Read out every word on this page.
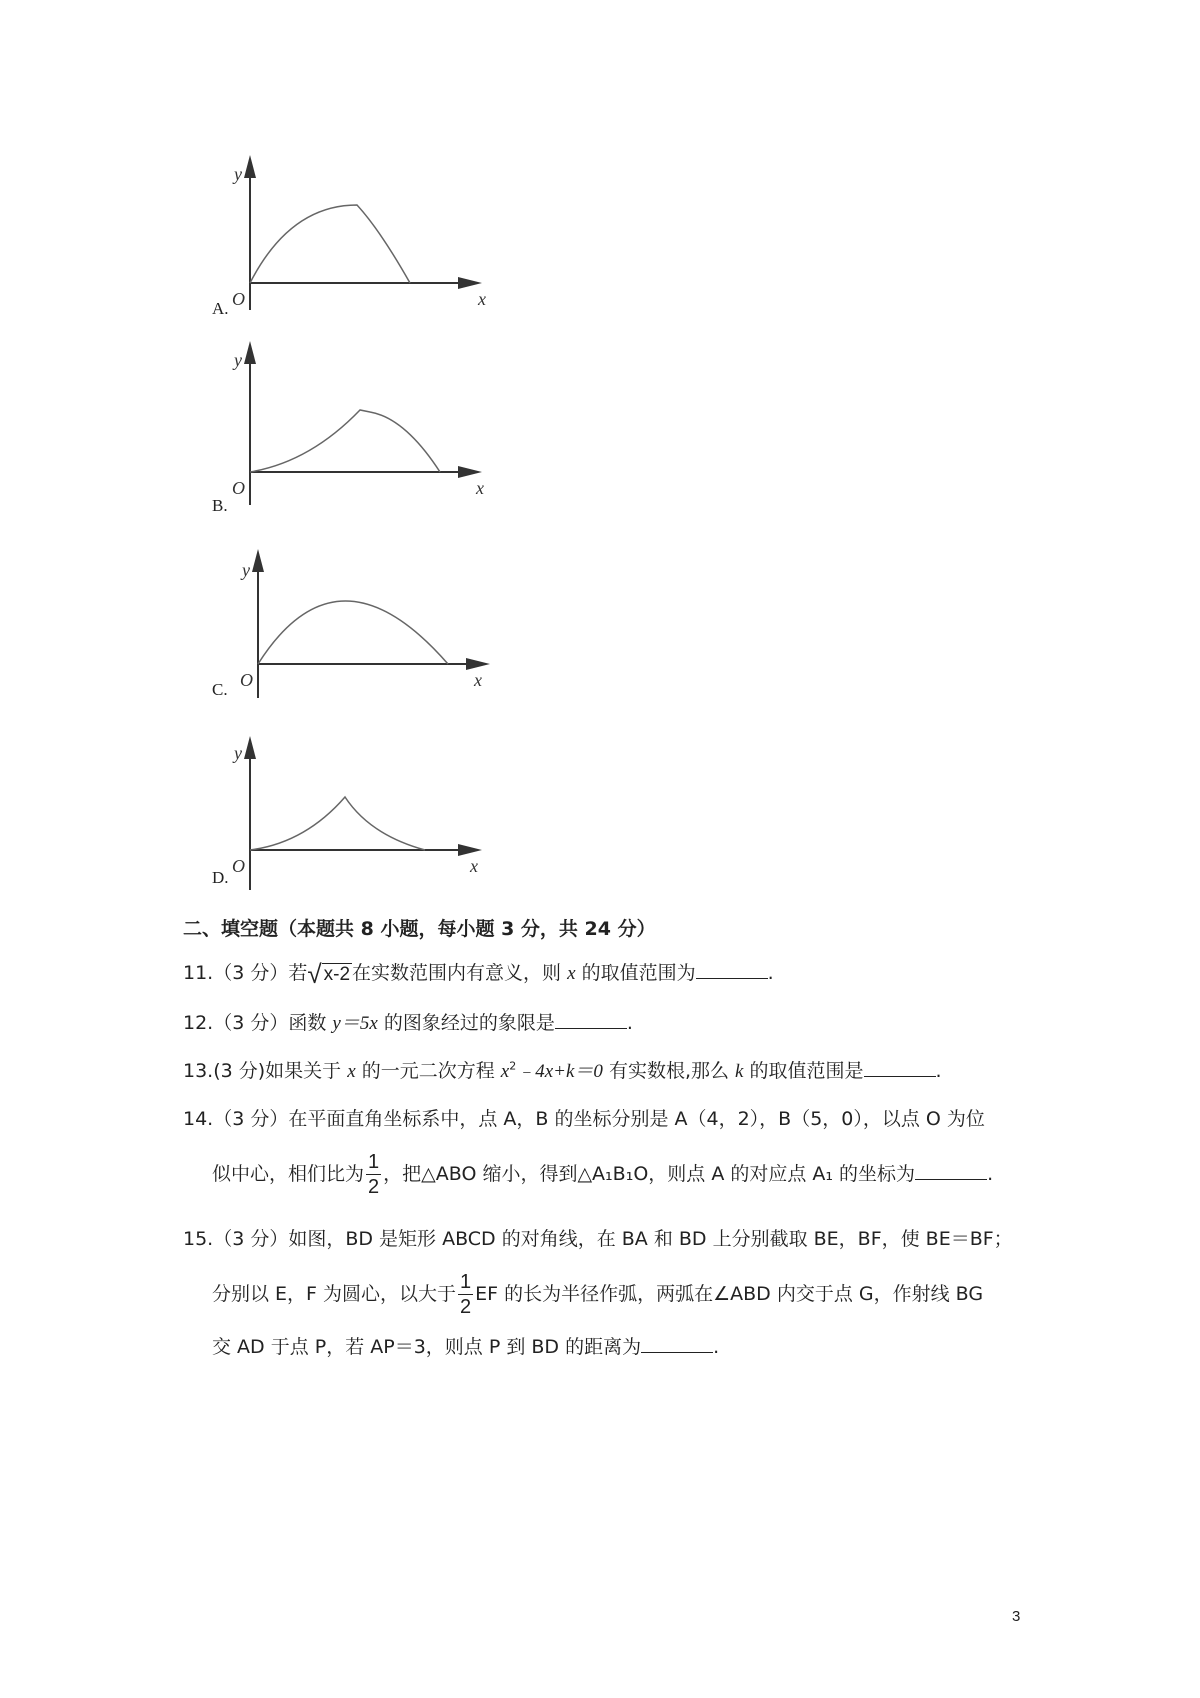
y
x
O
A.
y
x
O
B.
y
x
O
C.
y
x
O
D.
二、填空题（本题共 8 小题，每小题 3 分，共 24 分）
11.（3 分）若 √ x-2 在实数范围内有意义，则 x 的取值范围为	.
12.（3 分）函数 y＝5x 的图象经过的象限是	.
13.(3 分)如果关于 x 的一元二次方程 $x^2﹣4x+k=0$ 有实数根,那么 k 的取值范围是	.
14.（3 分）在平面直角坐标系中，点 A，B 的坐标分别是 A（4，2），B（5，0），以点 O 为位
似中心，相们比为 $\frac{1}{2}$ ，把△ABO 缩小，得到△A₁B₁O，则点 A 的对应点 A₁ 的坐标为	.
15.（3 分）如图，BD 是矩形 ABCD 的对角线，在 BA 和 BD 上分别截取 BE，BF，使 BE＝BF；
分别以 E，F 为圆心，以大于 $\frac{1}{2}$ EF 的长为半径作弧，两弧在∠ABD 内交于点 G，作射线 BG
交 AD 于点 P，若 AP＝3，则点 P 到 BD 的距离为	.
3
